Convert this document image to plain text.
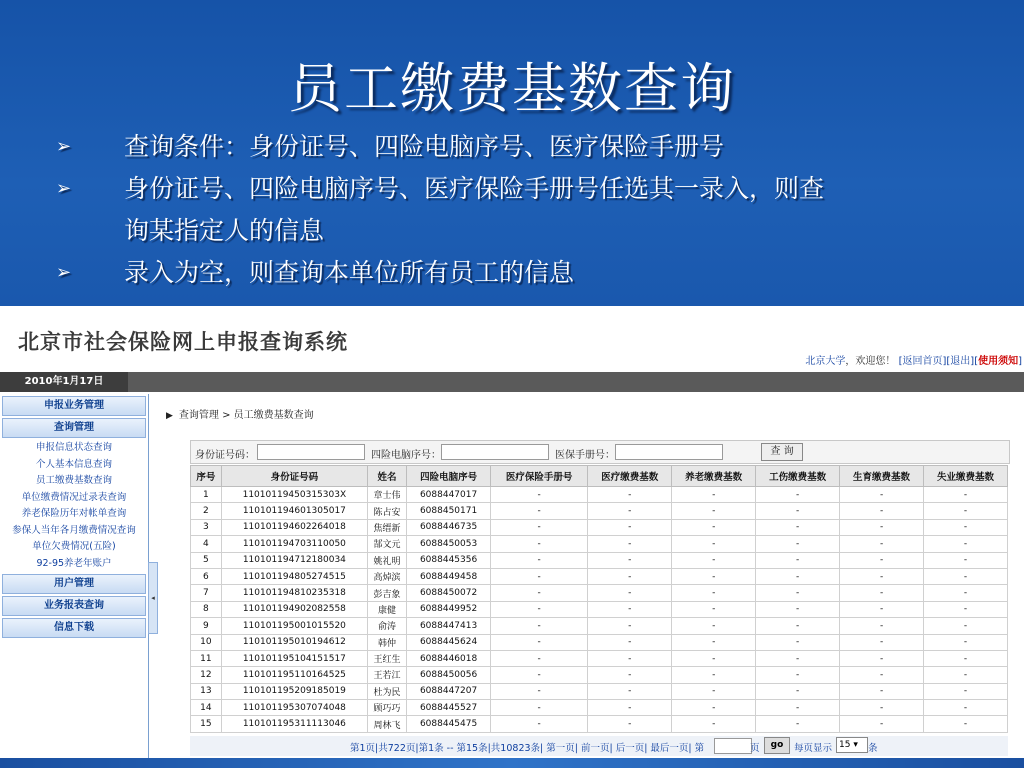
员工缴费基数查询
➢ 查询条件：身份证号、四险电脑序号、医疗保险手册号
➢ 身份证号、四险电脑序号、医疗保险手册号任选其一录入，则查
询某指定人的信息
➢ 录入为空，则查询本单位所有员工的信息
北京市社会保险网上申报查询系统
北京大学，欢迎您！ [返回首页][退出][使用须知]
2010年1月17日
申报业务管理
查询管理
申报信息状态查询
个人基本信息查询
员工缴费基数查询
单位缴费情况过录表查询
养老保险历年对帐单查询
参保人当年各月缴费情况查询
单位欠费情况(五险)
92-95养老年账户
用户管理
业务报表查询
信息下载
◂
▶ 查询管理 > 员工缴费基数查询
身份证号码：	四险电脑序号：	医保手册号：	查 询
序号	身份证号码	姓名	四险电脑序号	医疗保险手册号	医疗缴费基数	养老缴费基数	工伤缴费基数	生育缴费基数	失业缴费基数
1	11010119450315303X	章士伟	6088447017	-	-	-	-	-	-
2	110101194601305017	陈占安	6088450171	-	-	-	-	-	-
3	110101194602264018	焦缙新	6088446735	-	-	-	-	-	-
4	110101194703110050	郜文元	6088450053	-	-	-	-	-	-
5	110101194712180034	姚礼明	6088445356	-	-	-	-	-	-
6	110101194805274515	高焯滨	6088449458	-	-	-	-	-	-
7	110101194810235318	彭吉象	6088450072	-	-	-	-	-	-
8	110101194902082558	康健	6088449952	-	-	-	-	-	-
9	110101195001015520	俞涛	6088447413	-	-	-	-	-	-
10	110101195010194612	韩仲	6088445624	-	-	-	-	-	-
11	110101195104151517	王红生	6088446018	-	-	-	-	-	-
12	110101195110164525	王若江	6088450056	-	-	-	-	-	-
13	110101195209185019	杜为民	6088447207	-	-	-	-	-	-
14	110101195307074048	顾巧巧	6088445527	-	-	-	-	-	-
15	110101195311113046	周林飞	6088445475	-	-	-	-	-	-
第1页|共722页|第1条 -- 第15条|共10823条| 第一页| 前一页| 后一页| 最后一页| 第	页	go	每页显示 15 ▾	条
